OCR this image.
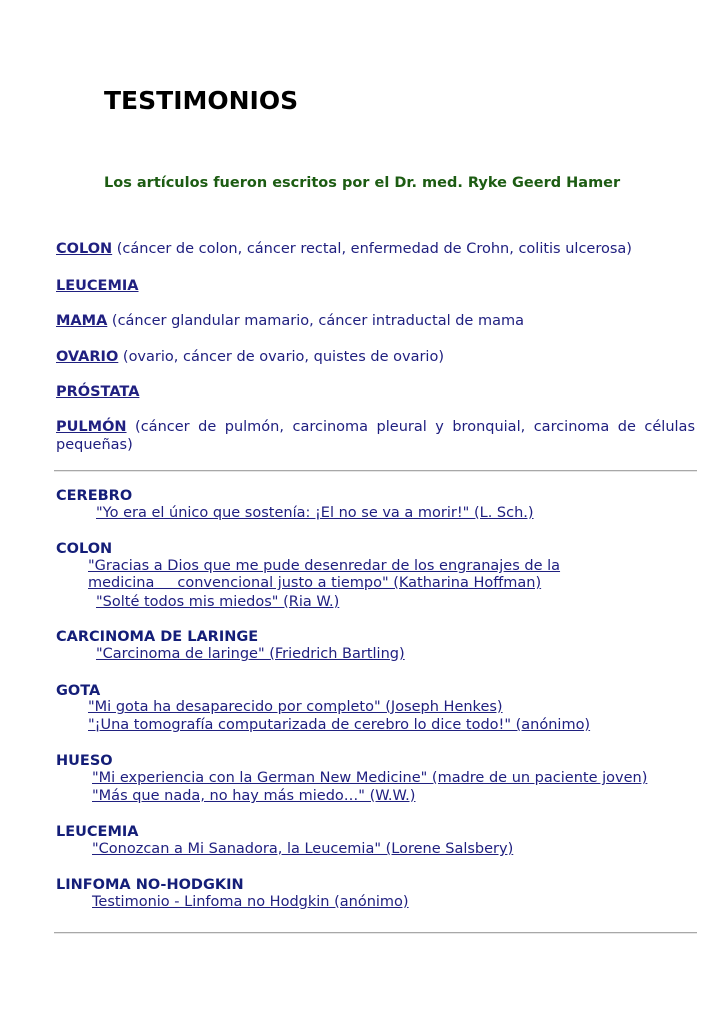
TESTIMONIOS
Los artículos fueron escritos por el Dr. med. Ryke Geerd Hamer
COLON (cáncer de colon, cáncer rectal, enfermedad de Crohn, colitis ulcerosa)
LEUCEMIA
MAMA (cáncer glandular mamario, cáncer intraductal de mama
OVARIO (ovario, cáncer de ovario, quistes de ovario)
PRÓSTATA
PULMÓN (cáncer de pulmón, carcinoma pleural y bronquial, carcinoma de células pequeñas)
CEREBRO
"Yo era el único que sostenía: ¡El no se va a morir!" (L. Sch.)
COLON
"Gracias a Dios que me pude desenredar de los engranajes de la
medicina     convencional justo a tiempo" (Katharina Hoffman)
"Solté todos mis miedos" (Ria W.)
CARCINOMA DE LARINGE
"Carcinoma de laringe" (Friedrich Bartling)
GOTA
"Mi gota ha desaparecido por completo" (Joseph Henkes)
"¡Una tomografía computarizada de cerebro lo dice todo!" (anónimo)
HUESO
"Mi experiencia con la German New Medicine" (madre de un paciente joven)
"Más que nada, no hay más miedo…" (W.W.)
LEUCEMIA
"Conozcan a Mi Sanadora, la Leucemia" (Lorene Salsbery)
LINFOMA NO-HODGKIN
Testimonio - Linfoma no Hodgkin (anónimo)
